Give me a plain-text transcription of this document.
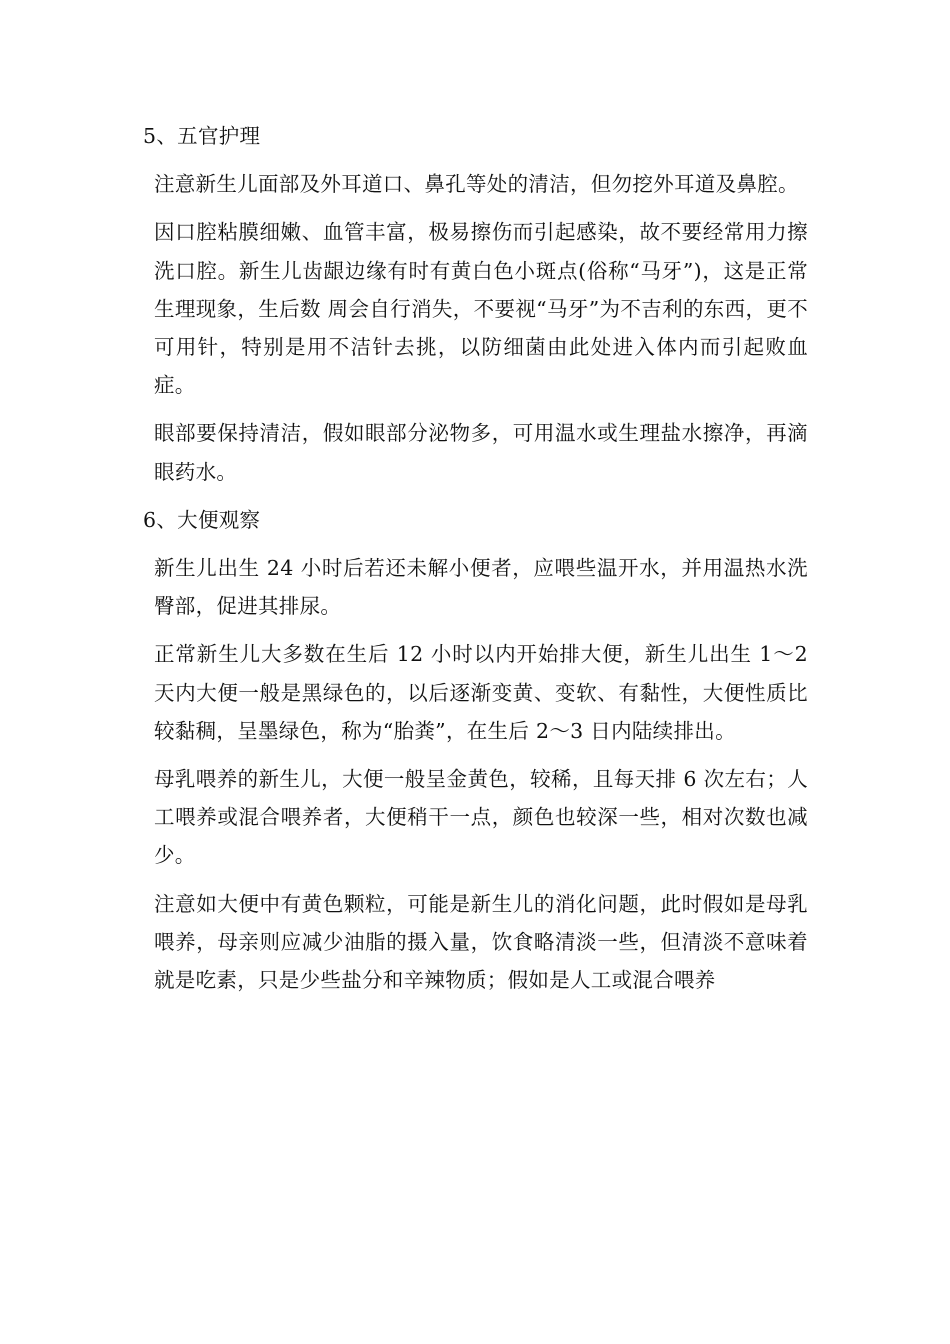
5、五官护理

注意新生儿面部及外耳道口、鼻孔等处的清洁，但勿挖外耳道及鼻腔。

因口腔粘膜细嫩、血管丰富，极易擦伤而引起感染，故不要经常用力擦洗口腔。新生儿齿龈边缘有时有黄白色小斑点(俗称“马牙”)，这是正常生理现象，生后数 周会自行消失，不要视“马牙”为不吉利的东西，更不可用针，特别是用不洁针去挑，以防细菌由此处进入体内而引起败血症。

眼部要保持清洁，假如眼部分泌物多，可用温水或生理盐水擦净，再滴眼药水。

6、大便观察

新生儿出生 24 小时后若还未解小便者，应喂些温开水，并用温热水洗臀部，促进其排尿。

正常新生儿大多数在生后 12 小时以内开始排大便，新生儿出生 1～2 天内大便一般是黑绿色的，以后逐渐变黄、变软、有黏性，大便性质比较黏稠，呈墨绿色，称为“胎粪”，在生后 2～3 日内陆续排出。

母乳喂养的新生儿，大便一般呈金黄色，较稀，且每天排 6 次左右；人工喂养或混合喂养者，大便稍干一点，颜色也较深一些，相对次数也减少。

注意如大便中有黄色颗粒，可能是新生儿的消化问题，此时假如是母乳喂养，母亲则应减少油脂的摄入量，饮食略清淡一些，但清淡不意味着就是吃素，只是少些盐分和辛辣物质；假如是人工或混合喂养
